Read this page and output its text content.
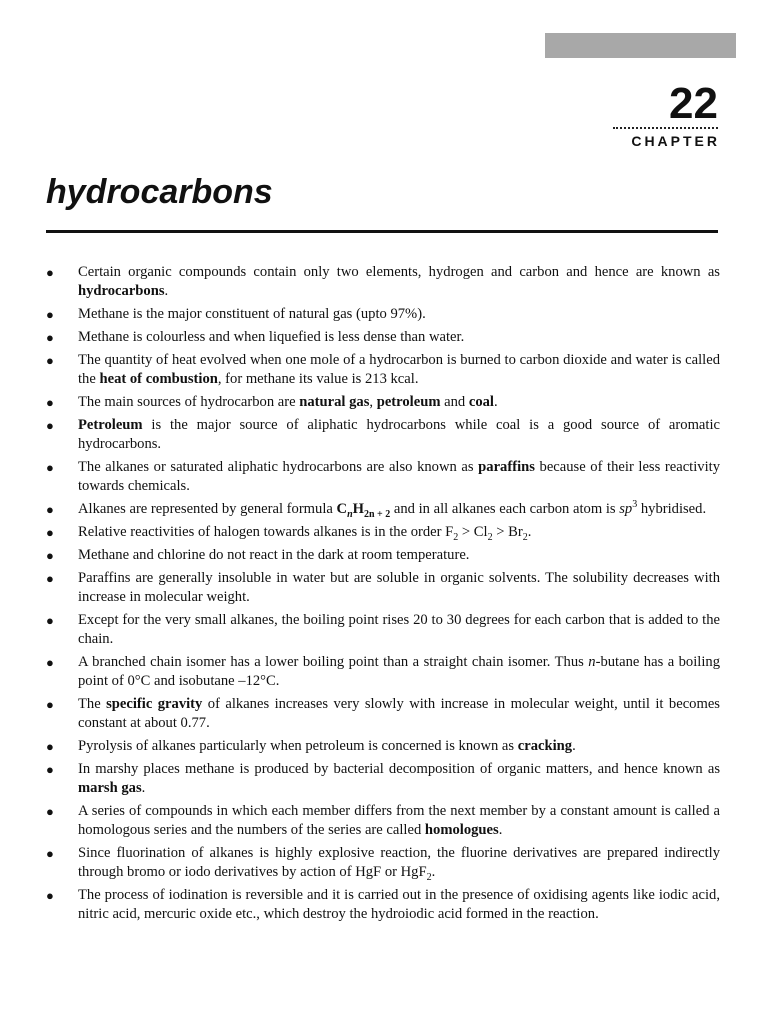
22
CHAPTER
hydrocarbons
● Certain organic compounds contain only two elements, hydrogen and carbon and hence are known as hydrocarbons.
● Methane is the major constituent of natural gas (upto 97%).
● Methane is colourless and when liquefied is less dense than water.
● The quantity of heat evolved when one mole of a hydrocarbon is burned to carbon dioxide and water is called the heat of combustion, for methane its value is 213 kcal.
● The main sources of hydrocarbon are natural gas, petroleum and coal.
● Petroleum is the major source of aliphatic hydrocarbons while coal is a good source of aromatic hydrocarbons.
● The alkanes or saturated aliphatic hydrocarbons are also known as paraffins because of their less reactivity towards chemicals.
● Alkanes are represented by general formula $C_nH_{2n + 2}$ and in all alkanes each carbon atom is $sp^3$ hybridised.
● Relative reactivities of halogen towards alkanes is in the order $F_2 > Cl_2 > Br_2$.
● Methane and chlorine do not react in the dark at room temperature.
● Paraffins are generally insoluble in water but are soluble in organic solvents. The solubility decreases with increase in molecular weight.
● Except for the very small alkanes, the boiling point rises 20 to 30 degrees for each carbon that is added to the chain.
● A branched chain isomer has a lower boiling point than a straight chain isomer. Thus n-butane has a boiling point of 0°C and isobutane –12°C.
● The specific gravity of alkanes increases very slowly with increase in molecular weight, until it becomes constant at about 0.77.
● Pyrolysis of alkanes particularly when petroleum is concerned is known as cracking.
● In marshy places methane is produced by bacterial decomposition of organic matters, and hence known as marsh gas.
● A series of compounds in which each member differs from the next member by a constant amount is called a homologous series and the numbers of the series are called homologues.
● Since fluorination of alkanes is highly explosive reaction, the fluorine derivatives are prepared indirectly through bromo or iodo derivatives by action of HgF or HgF$_2$.
● The process of iodination is reversible and it is carried out in the presence of oxidising agents like iodic acid, nitric acid, mercuric oxide etc., which destroy the hydroiodic acid formed in the reaction.
